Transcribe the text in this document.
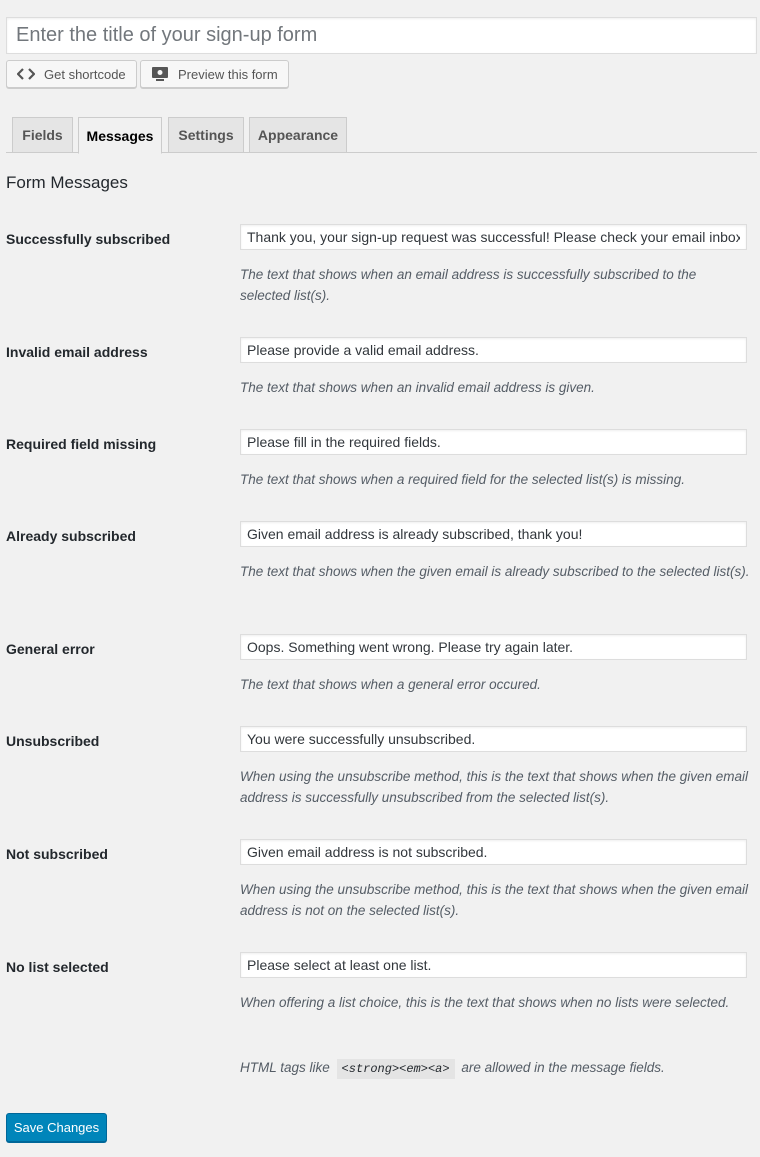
Enter the title of your sign-up form
Get shortcode	Preview this form
Fields	Messages	Settings	Appearance
Form Messages
Successfully subscribed
Thank you, your sign-up request was successful! Please check your email inbox to confirm.
The text that shows when an email address is successfully subscribed to the selected list(s).
Invalid email address
Please provide a valid email address.
The text that shows when an invalid email address is given.
Required field missing
Please fill in the required fields.
The text that shows when a required field for the selected list(s) is missing.
Already subscribed
Given email address is already subscribed, thank you!
The text that shows when the given email is already subscribed to the selected list(s).
General error
Oops. Something went wrong. Please try again later.
The text that shows when a general error occured.
Unsubscribed
You were successfully unsubscribed.
When using the unsubscribe method, this is the text that shows when the given email address is successfully unsubscribed from the selected list(s).
Not subscribed
Given email address is not subscribed.
When using the unsubscribe method, this is the text that shows when the given email address is not on the selected list(s).
No list selected
Please select at least one list.
When offering a list choice, this is the text that shows when no lists were selected.
HTML tags like <strong><em><a> are allowed in the message fields.
Save Changes
